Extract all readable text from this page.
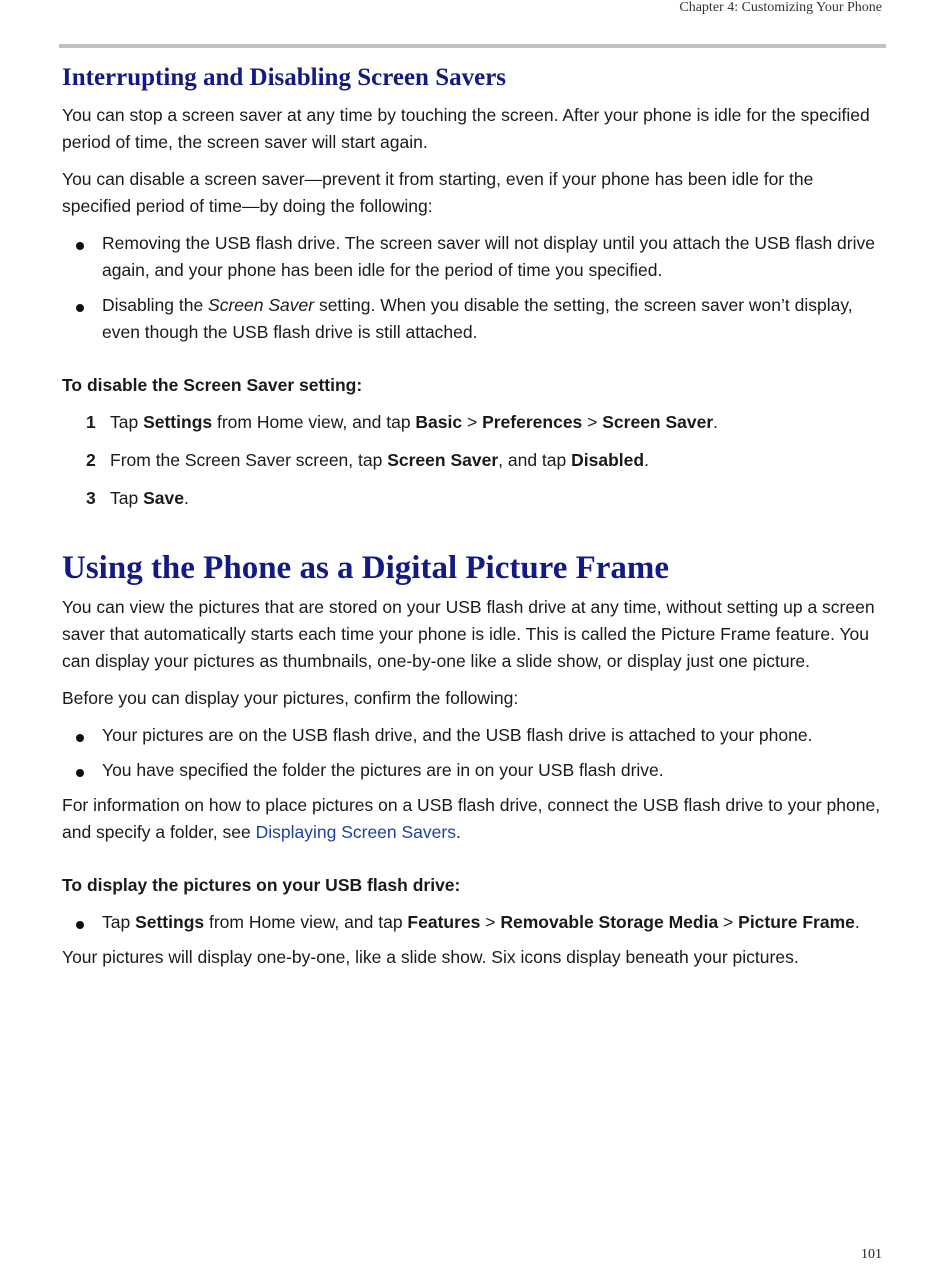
Chapter 4: Customizing Your Phone
Interrupting and Disabling Screen Savers

You can stop a screen saver at any time by touching the screen. After your phone is idle for the specified period of time, the screen saver will start again.

You can disable a screen saver—prevent it from starting, even if your phone has been idle for the specified period of time—by doing the following:

Removing the USB flash drive. The screen saver will not display until you attach the USB flash drive again, and your phone has been idle for the period of time you specified.
Disabling the Screen Saver setting. When you disable the setting, the screen saver won’t display, even though the USB flash drive is still attached.
To disable the Screen Saver setting:
1 Tap Settings from Home view, and tap Basic > Preferences > Screen Saver.
2 From the Screen Saver screen, tap Screen Saver, and tap Disabled.
3 Tap Save.
Using the Phone as a Digital Picture Frame

You can view the pictures that are stored on your USB flash drive at any time, without setting up a screen saver that automatically starts each time your phone is idle. This is called the Picture Frame feature. You can display your pictures as thumbnails, one-by-one like a slide show, or display just one picture.

Before you can display your pictures, confirm the following:

Your pictures are on the USB flash drive, and the USB flash drive is attached to your phone.
You have specified the folder the pictures are in on your USB flash drive.

For information on how to place pictures on a USB flash drive, connect the USB flash drive to your phone, and specify a folder, see Displaying Screen Savers.

To display the pictures on your USB flash drive:
Tap Settings from Home view, and tap Features > Removable Storage Media > Picture Frame.

Your pictures will display one-by-one, like a slide show. Six icons display beneath your pictures.

101
